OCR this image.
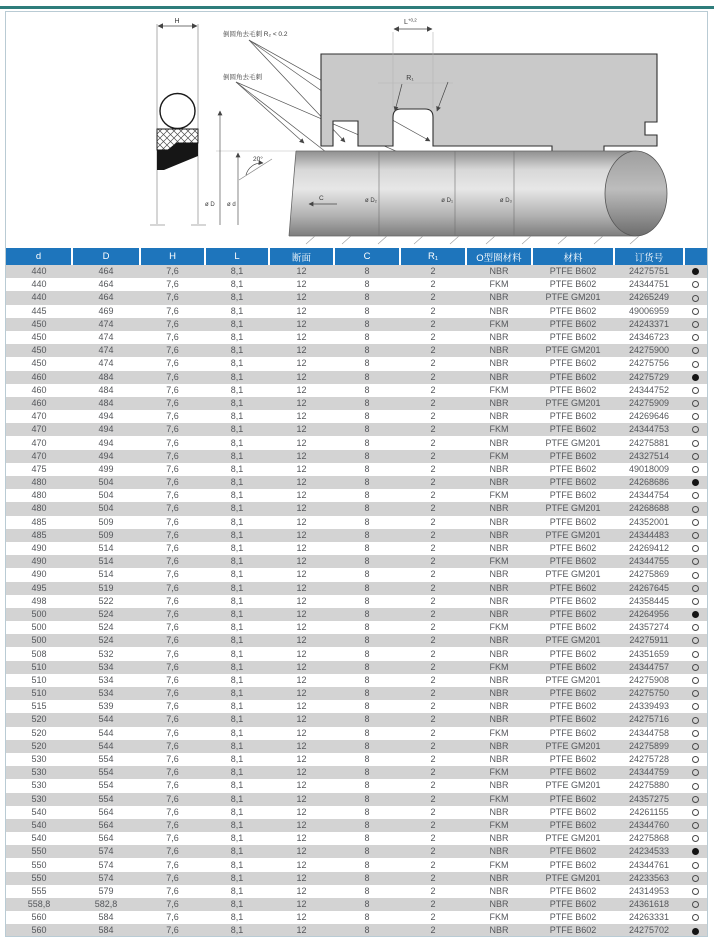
H
倒圆角去毛刺 R₂ < 0.2
倒圆角去毛刺
$L^{+0,2}$
R₁
ø D₂	ø D₁	ø D₃
C
20°
ø D ø d
d	D	H	L	断面	C	R₁	O型圈材料	材料	订货号	
440	464	7,6	8,1	12	8	2	NBR	PTFE B602	24275751	
440	464	7,6	8,1	12	8	2	FKM	PTFE B602	24344751	
440	464	7,6	8,1	12	8	2	NBR	PTFE GM201	24265249	
445	469	7,6	8,1	12	8	2	NBR	PTFE B602	49006959	
450	474	7,6	8,1	12	8	2	FKM	PTFE B602	24243371	
450	474	7,6	8,1	12	8	2	NBR	PTFE B602	24346723	
450	474	7,6	8,1	12	8	2	NBR	PTFE GM201	24275900	
450	474	7,6	8,1	12	8	2	NBR	PTFE B602	24275756	
460	484	7,6	8,1	12	8	2	NBR	PTFE B602	24275729	
460	484	7,6	8,1	12	8	2	FKM	PTFE B602	24344752	
460	484	7,6	8,1	12	8	2	NBR	PTFE GM201	24275909	
470	494	7,6	8,1	12	8	2	NBR	PTFE B602	24269646	
470	494	7,6	8,1	12	8	2	FKM	PTFE B602	24344753	
470	494	7,6	8,1	12	8	2	NBR	PTFE GM201	24275881	
470	494	7,6	8,1	12	8	2	FKM	PTFE B602	24327514	
475	499	7,6	8,1	12	8	2	NBR	PTFE B602	49018009	
480	504	7,6	8,1	12	8	2	NBR	PTFE B602	24268686	
480	504	7,6	8,1	12	8	2	FKM	PTFE B602	24344754	
480	504	7,6	8,1	12	8	2	NBR	PTFE GM201	24268688	
485	509	7,6	8,1	12	8	2	NBR	PTFE B602	24352001	
485	509	7,6	8,1	12	8	2	NBR	PTFE GM201	24344483	
490	514	7,6	8,1	12	8	2	NBR	PTFE B602	24269412	
490	514	7,6	8,1	12	8	2	FKM	PTFE B602	24344755	
490	514	7,6	8,1	12	8	2	NBR	PTFE GM201	24275869	
495	519	7,6	8,1	12	8	2	NBR	PTFE B602	24267645	
498	522	7,6	8,1	12	8	2	NBR	PTFE B602	24358445	
500	524	7,6	8,1	12	8	2	NBR	PTFE B602	24264956	
500	524	7,6	8,1	12	8	2	FKM	PTFE B602	24357274	
500	524	7,6	8,1	12	8	2	NBR	PTFE GM201	24275911	
508	532	7,6	8,1	12	8	2	NBR	PTFE B602	24351659	
510	534	7,6	8,1	12	8	2	FKM	PTFE B602	24344757	
510	534	7,6	8,1	12	8	2	NBR	PTFE GM201	24275908	
510	534	7,6	8,1	12	8	2	NBR	PTFE B602	24275750	
515	539	7,6	8,1	12	8	2	NBR	PTFE B602	24339493	
520	544	7,6	8,1	12	8	2	NBR	PTFE B602	24275716	
520	544	7,6	8,1	12	8	2	FKM	PTFE B602	24344758	
520	544	7,6	8,1	12	8	2	NBR	PTFE GM201	24275899	
530	554	7,6	8,1	12	8	2	NBR	PTFE B602	24275728	
530	554	7,6	8,1	12	8	2	FKM	PTFE B602	24344759	
530	554	7,6	8,1	12	8	2	NBR	PTFE GM201	24275880	
530	554	7,6	8,1	12	8	2	FKM	PTFE B602	24357275	
540	564	7,6	8,1	12	8	2	NBR	PTFE B602	24261155	
540	564	7,6	8,1	12	8	2	FKM	PTFE B602	24344760	
540	564	7,6	8,1	12	8	2	NBR	PTFE GM201	24275868	
550	574	7,6	8,1	12	8	2	NBR	PTFE B602	24234533	
550	574	7,6	8,1	12	8	2	FKM	PTFE B602	24344761	
550	574	7,6	8,1	12	8	2	NBR	PTFE GM201	24233563	
555	579	7,6	8,1	12	8	2	NBR	PTFE B602	24314953	
558,8	582,8	7,6	8,1	12	8	2	NBR	PTFE B602	24361618	
560	584	7,6	8,1	12	8	2	FKM	PTFE B602	24263331	
560	584	7,6	8,1	12	8	2	NBR	PTFE B602	24275702	
